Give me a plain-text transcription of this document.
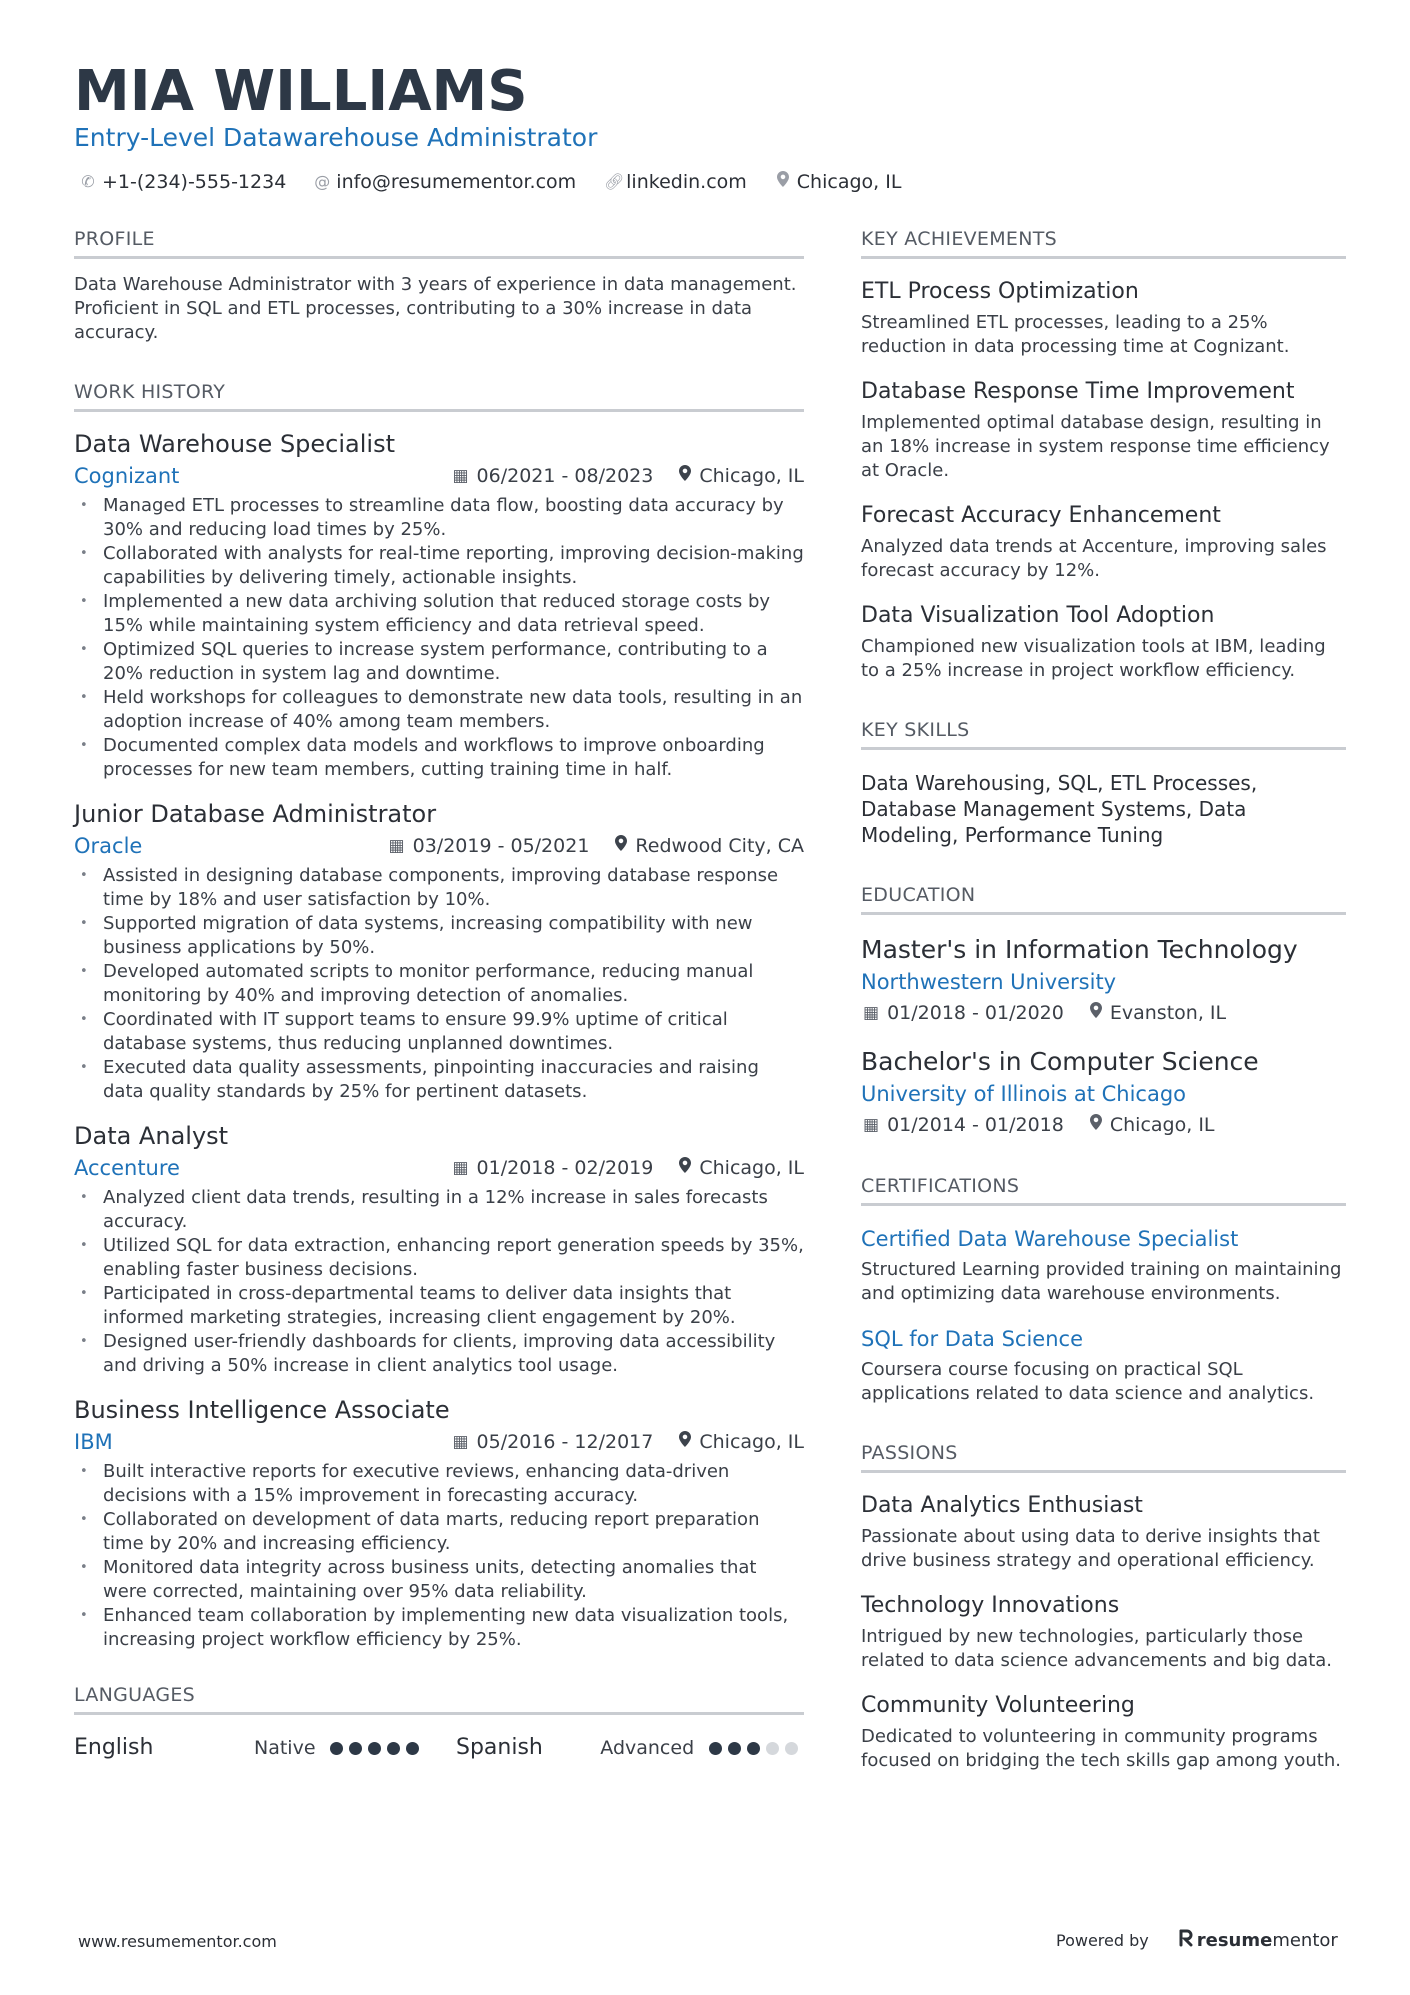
MIA WILLIAMS
Entry-Level Datawarehouse Administrator
✆ +1-(234)-555-1234 @ info@resumementor.com 🔗︎ linkedin.com	Chicago, IL
PROFILE
Data Warehouse Administrator with 3 years of experience in data management. Proficient in SQL and ETL processes, contributing to a 30% increase in data accuracy.
WORK HISTORY
Data Warehouse Specialist
Cognizant	▦ 06/2021 - 08/2023 Chicago, IL
• Managed ETL processes to streamline data flow, boosting data accuracy by 30% and reducing load times by 25%.
• Collaborated with analysts for real-time reporting, improving decision-making capabilities by delivering timely, actionable insights.
• Implemented a new data archiving solution that reduced storage costs by 15% while maintaining system efficiency and data retrieval speed.
• Optimized SQL queries to increase system performance, contributing to a 20% reduction in system lag and downtime.
• Held workshops for colleagues to demonstrate new data tools, resulting in an adoption increase of 40% among team members.
• Documented complex data models and workflows to improve onboarding processes for new team members, cutting training time in half.
Junior Database Administrator
Oracle	▦ 03/2019 - 05/2021 Redwood City, CA
• Assisted in designing database components, improving database response time by 18% and user satisfaction by 10%.
• Supported migration of data systems, increasing compatibility with new business applications by 50%.
• Developed automated scripts to monitor performance, reducing manual monitoring by 40% and improving detection of anomalies.
• Coordinated with IT support teams to ensure 99.9% uptime of critical database systems, thus reducing unplanned downtimes.
• Executed data quality assessments, pinpointing inaccuracies and raising data quality standards by 25% for pertinent datasets.
Data Analyst
Accenture	▦ 01/2018 - 02/2019 Chicago, IL
• Analyzed client data trends, resulting in a 12% increase in sales forecasts accuracy.
• Utilized SQL for data extraction, enhancing report generation speeds by 35%, enabling faster business decisions.
• Participated in cross-departmental teams to deliver data insights that informed marketing strategies, increasing client engagement by 20%.
• Designed user-friendly dashboards for clients, improving data accessibility and driving a 50% increase in client analytics tool usage.
Business Intelligence Associate
IBM	▦ 05/2016 - 12/2017 Chicago, IL
• Built interactive reports for executive reviews, enhancing data-driven decisions with a 15% improvement in forecasting accuracy.
• Collaborated on development of data marts, reducing report preparation time by 20% and increasing efficiency.
• Monitored data integrity across business units, detecting anomalies that were corrected, maintaining over 95% data reliability.
• Enhanced team collaboration by implementing new data visualization tools, increasing project workflow efficiency by 25%.
LANGUAGES
English	Native	Spanish	Advanced
KEY ACHIEVEMENTS
ETL Process Optimization
Streamlined ETL processes, leading to a 25% reduction in data processing time at Cognizant.
Database Response Time Improvement
Implemented optimal database design, resulting in an 18% increase in system response time efficiency at Oracle.
Forecast Accuracy Enhancement
Analyzed data trends at Accenture, improving sales forecast accuracy by 12%.
Data Visualization Tool Adoption
Championed new visualization tools at IBM, leading to a 25% increase in project workflow efficiency.
KEY SKILLS
Data Warehousing, SQL, ETL Processes, Database Management Systems, Data Modeling, Performance Tuning
EDUCATION
Master's in Information Technology
Northwestern University
▦ 01/2018 - 01/2020 Evanston, IL
Bachelor's in Computer Science
University of Illinois at Chicago
▦ 01/2014 - 01/2018 Chicago, IL
CERTIFICATIONS
Certified Data Warehouse Specialist
Structured Learning provided training on maintaining and optimizing data warehouse environments.
SQL for Data Science
Coursera course focusing on practical SQL applications related to data science and analytics.
PASSIONS
Data Analytics Enthusiast
Passionate about using data to derive insights that drive business strategy and operational efficiency.
Technology Innovations
Intrigued by new technologies, particularly those related to data science advancements and big data.
Community Volunteering
Dedicated to volunteering in community programs focused on bridging the tech skills gap among youth.
www.resumementor.com	Powered by	resume mentor
